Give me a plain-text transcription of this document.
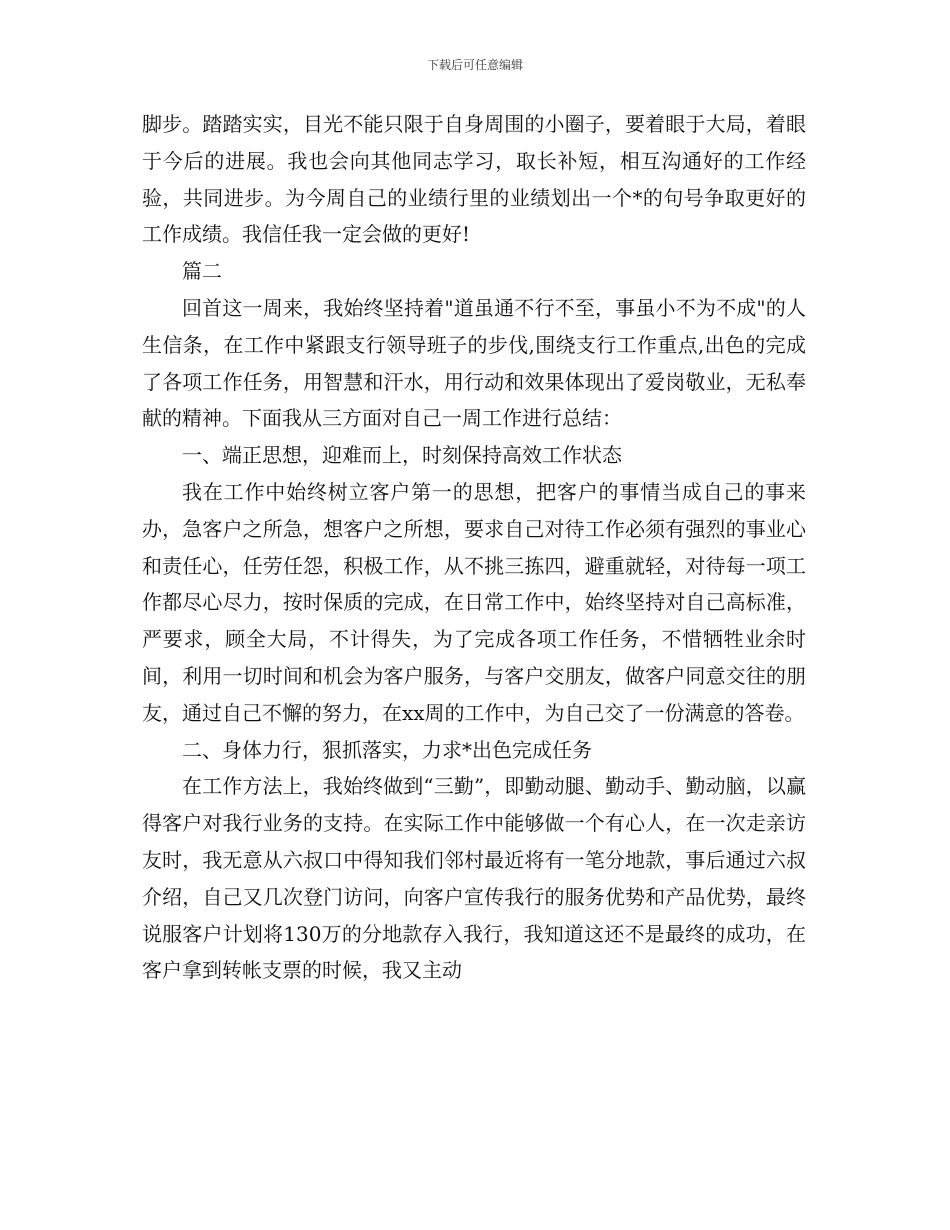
下载后可任意编辑

脚步。踏踏实实，目光不能只限于自身周围的小圈子，要着眼于大局，着眼于今后的进展。我也会向其他同志学习，取长补短，相互沟通好的工作经验，共同进步。为今周自己的业绩行里的业绩划出一个*的句号争取更好的工作成绩。我信任我一定会做的更好!

篇二

回首这一周来，我始终坚持着"道虽通不行不至，事虽小不为不成"的人生信条，在工作中紧跟支行领导班子的步伐,围绕支行工作重点,出色的完成了各项工作任务，用智慧和汗水，用行动和效果体现出了爱岗敬业，无私奉献的精神。下面我从三方面对自己一周工作进行总结：

一、端正思想，迎难而上，时刻保持高效工作状态

我在工作中始终树立客户第一的思想，把客户的事情当成自己的事来办，急客户之所急，想客户之所想，要求自己对待工作必须有强烈的事业心和责任心，任劳任怨，积极工作，从不挑三拣四，避重就轻，对待每一项工作都尽心尽力，按时保质的完成，在日常工作中，始终坚持对自己高标准，严要求，顾全大局，不计得失，为了完成各项工作任务，不惜牺牲业余时间，利用一切时间和机会为客户服务，与客户交朋友，做客户同意交往的朋友，通过自己不懈的努力，在xx周的工作中，为自己交了一份满意的答卷。

二、身体力行，狠抓落实，力求*出色完成任务

在工作方法上，我始终做到“三勤”，即勤动腿、勤动手、勤动脑，以赢得客户对我行业务的支持。在实际工作中能够做一个有心人，在一次走亲访友时，我无意从六叔口中得知我们邻村最近将有一笔分地款，事后通过六叔介绍，自己又几次登门访问，向客户宣传我行的服务优势和产品优势，最终说服客户计划将130万的分地款存入我行，我知道这还不是最终的成功，在客户拿到转帐支票的时候，我又主动
